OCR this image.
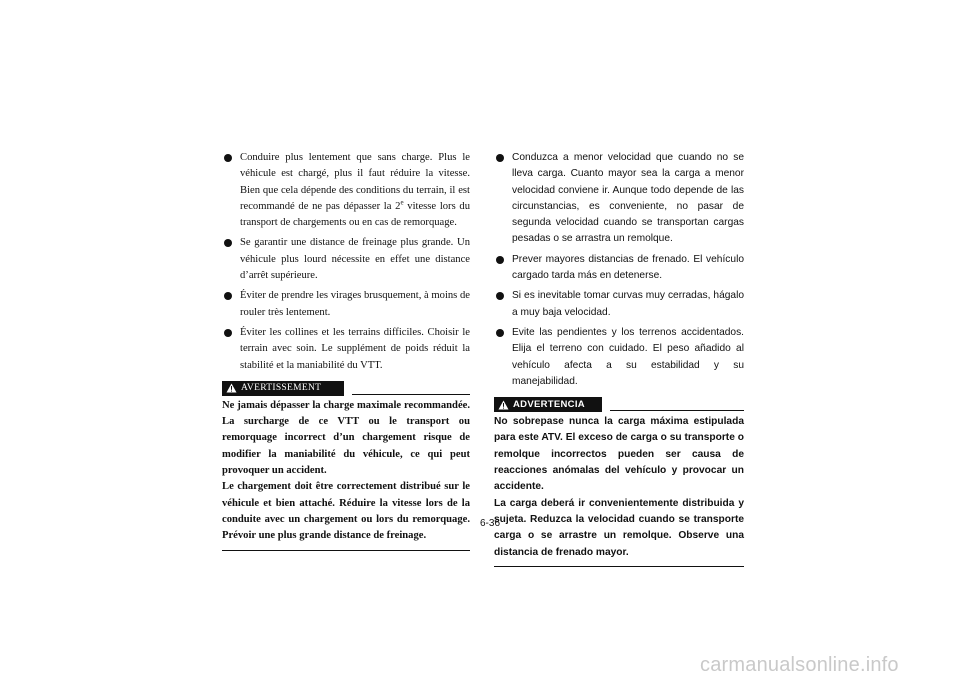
Conduire plus lentement que sans charge. Plus le véhicule est chargé, plus il faut réduire la vitesse. Bien que cela dépende des conditions du terrain, il est recommandé de ne pas dépasser la 2e vitesse lors du transport de chargements ou en cas de remorquage.
Se garantir une distance de freinage plus grande. Un véhicule plus lourd nécessite en effet une distance d’arrêt supérieure.
Éviter de prendre les virages brusquement, à moins de rouler très lentement.
Éviter les collines et les terrains difficiles. Choisir le terrain avec soin. Le supplément de poids réduit la stabilité et la maniabilité du VTT.
AVERTISSEMENT

Ne jamais dépasser la charge maximale recommandée. La surcharge de ce VTT ou le transport ou remorquage incorrect d’un chargement risque de modifier la maniabilité du véhicule, ce qui peut provoquer un accident.

Le chargement doit être correctement distribué sur le véhicule et bien attaché. Réduire la vitesse lors de la conduite avec un chargement ou lors du remorquage. Prévoir une plus grande distance de freinage.

Conduzca a menor velocidad que cuando no se lleva carga. Cuanto mayor sea la carga a menor velocidad conviene ir. Aunque todo depende de las circunstancias, es conveniente, no pasar de segunda velocidad cuando se transportan cargas pesadas o se arrastra un remolque.
Prever mayores distancias de frenado. El vehículo cargado tarda más en detenerse.
Si es inevitable tomar curvas muy cerradas, hágalo a muy baja velocidad.
Evite las pendientes y los terrenos accidentados. Elija el terreno con cuidado. El peso añadido al vehículo afecta a su estabilidad y su manejabilidad.
ADVERTENCIA

No sobrepase nunca la carga máxima estipulada para este ATV. El exceso de carga o su transporte o remolque incorrectos pueden ser causa de reacciones anómalas del vehículo y provocar un accidente.

La carga deberá ir convenientemente distribuida y sujeta. Reduzca la velocidad cuando se transporte carga o se arrastre un remolque. Observe una distancia de frenado mayor.

6-36
carmanualsonline.info
